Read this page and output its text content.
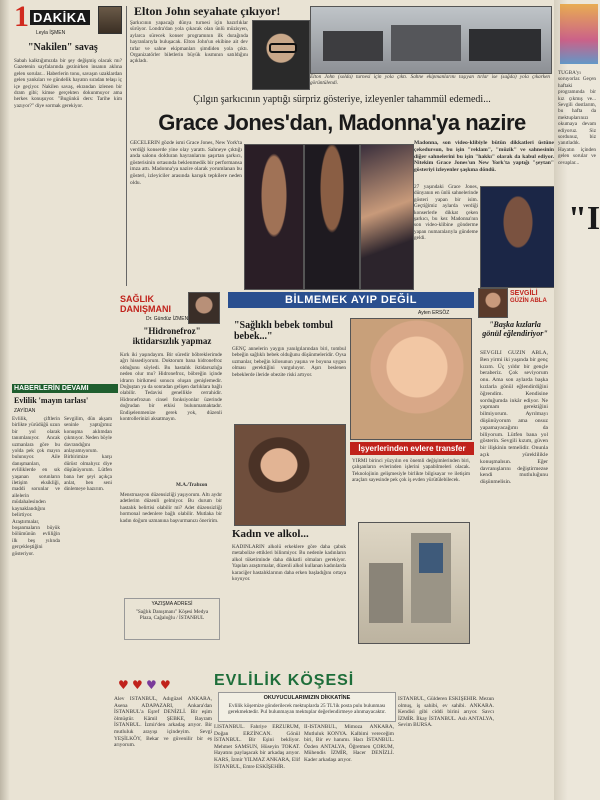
1 DAKİKA
Leyla İŞMEN
"Nakilen" savaş
Sabah kalktığımızda bir şey değişmiş olacak mı? Gazetenin sayfalarında gezinirken insanın aklına gelen sorular... Haberlerin tonu, savaşın uzaklardan gelen yankıları ve gündelik hayatın sıradan telaşı iç içe geçiyor. Nakilen savaş, ekrandan izlenen bir dram gibi; kimse gerçekten dokunmuyor ama herkes konuşuyor. "Bugünkü ders: Tarihe kim yazıyor?" diye sormak gerekiyor.
Elton John seyahate çıkıyor!
Şarkıcının yapacağı dünya turnesi için hazırlıklar sürüyor. Londra'dan yola çıkacak olan ünlü müzisyen, aylarca sürecek konser programının ilk durağında hayranlarıyla buluşacak. Elton John'un ekibine ait dev tırlar ve sahne ekipmanları şimdiden yola çıktı. Organizatörler biletlerin büyük kısmının satıldığını açıkladı.
Elton John (solda) turnesi için yola çıktı. Sahne ekipmanlarını taşıyan tırlar ise (sağda) yola çıkarken görüntülendi.
Çılgın şarkıcının yaptığı sürpriz gösteriye, izleyenler tahammül edemedi...
Grace Jones'dan, Madonna'ya nazire
GECELERİN gözde ismi Grace Jones, New York'ta verdiği konserde yine olay yarattı. Sahneye çıktığı anda salonu dolduran hayranlarını şaşırtan şarkıcı, gösterisinin ortasında beklenmedik bir performansa imza attı. Madonna'ya nazire olarak yorumlanan bu gösteri, izleyiciler arasında karışık tepkilere neden oldu.
Madonna, son video-klibiyle bütün dikkatleri üstüne çekedursun, bu işin "reklam", "müzik" ve sahnesinin diğer sahnelerini bu işin "hakkı" olarak da kabul ediyor. Nitekim Grace Jones'un New York'ta yaptığı "şeytan" gösteriyi izleyenler şaşkına döndü.
27 yaşındaki Grace Jones, dünyanın en ünlü sahnelerinde gösteri yapan bir isim. Geçtiğimiz aylarda verdiği konserlerle dikkat çeken şarkıcı, bu kez Madonna'nın son video-klibine gönderme yapan numaralarıyla gündeme geldi.
SAĞLIK
DANIŞMANI
Dr. Gündüz İZMEN
"Hidronefroz" iktidarsızlık yapmaz
Kırk iki yaşındayım. Bir süredir böbreklerimde ağrı hissediyorum. Doktorum bana hidronefroz olduğunu söyledi. Bu hastalık iktidarsızlığa neden olur mu? Hidronefroz, böbreğin içinde idrarın birikmesi sonucu oluşan genişlemedir. Doğuştan ya da sonradan gelişen darlıklara bağlı olabilir. Tedavisi genellikle cerrahidir. Hidronefrozun cinsel fonksiyonlar üzerinde doğrudan bir etkisi bulunmamaktadır. Endişelenmenize gerek yok, düzenli kontrollerinizi aksatmayın.
M.A./Trabzon
Menstruasyon düzensizliği yaşıyorum. Altı aydır adetlerim düzenli gelmiyor. Bu durum bir hastalık belirtisi olabilir mi? Adet düzensizliği hormonal nedenlere bağlı olabilir. Mutlaka bir kadın doğum uzmanına başvurmanızı öneririm.
YAZIŞMA ADRESİ
"Sağlık Danışmanı" Köşesi Medya Plaza, Cağaloğlu / İSTANBUL
HABERLERİN DEVAMI
Evlilik 'mayın tarlası'
ZAYİDAN
Evlilik, çiftlerin birlikte yürüdüğü uzun bir yol olarak tanımlanıyor. Ancak uzmanlara göre bu yolda pek çok mayın bulunuyor. Aile danışmanları, evliliklerde en sık yaşanan sorunların iletişim eksikliği, maddi sorunlar ve ailelerin müdahalesinden kaynaklandığını belirtiyor. Araştırmalar, boşanmaların büyük bölümünün evliliğin ilk beş yılında gerçekleştiğini gösteriyor.
Sevgilim, dün akşam seninle yaptığımız konuşma aklımdan çıkmıyor. Neden böyle davrandığını anlayamıyorum. Birbirimize karşı dürüst olmalıyız diye düşünüyorum. Lütfen bana her şeyi açıkça anlat, ben seni dinlemeye hazırım.
BİLMEMEK AYIP DEĞİL
Ayten ERSÖZ
"Sağlıklı bebek tombul bebek..."
GENÇ annelerin yaygın yanılgılarından biri, tombul bebeğin sağlıklı bebek olduğunu düşünmeleridir. Oysa uzmanlar, bebeğin kilosunun yaşına ve boyuna uygun olması gerektiğini vurguluyor. Aşırı beslenen bebeklerde ileride obezite riski artıyor.
Kadın ve alkol...
KADINLARIN alkolü erkeklere göre daha çabuk metabolize ettikleri bilinmiyor. Bu nedenle kadınların alkol tüketiminde daha dikkatli olmaları gerekiyor. Yapılan araştırmalar, düzenli alkol kullanan kadınlarda karaciğer hastalıklarının daha erken başladığını ortaya koyuyor.
İşyerlerinden evlere transfer
YIRMI birinci yüzyılın en önemli değişimlerinden biri, çalışanların evlerinden işlerini yapabilmeleri olacak. Teknolojinin gelişmesiyle birlikte bilgisayar ve iletişim araçları sayesinde pek çok iş evden yürütülebilecek.
SEVGİLİ
GÜZİN ABLA
"Başka kızlarla gönül eğlendiriyor"
SEVGİLİ GÜZİN ABLA, Ben yirmi iki yaşında bir genç kızım. Üç yıldır bir gençle beraberiz. Çok seviyorum onu. Ama son aylarda başka kızlarla gönül eğlendirdiğini öğrendim. Kendisine sorduğumda inkâr ediyor. Ne yapmam gerektiğini bilmiyorum. Ayrılmayı düşünüyorum ama onsuz yapamayacağımı da biliyorum. Lütfen bana yol gösterin. Sevgili kızım, güven bir ilişkinin temelidir. Onunla açık yüreklilikle konuşmalısın. Eğer davranışlarını değiştirmezse kendi mutluluğunu düşünmelisin.
♥ ♥ ♥ ♥	EVLİLİK KÖŞESİ
OKUYUCULARIMIZIN DİKKATİNE
Evlilik köşemize gönderilecek mektuplarda 25 TL'lik posta pulu bulunması gerekmektedir. Pul bulunmayan mektuplar değerlendirmeye alınmayacaktır.
Alev İSTANBUL, Adıgüzel ANKARA, Asena ADAPAZARI, Ankara'dan İSTANBUL'a Eşref DENİZLİ. Bir eşim ölmüştür. Kâmil ŞEBKE, Bayram İSTANBUL. İzmir'den arkadaş arıyor. Bir mutluluk arayışı içindeyim. Sevgi YEŞİLKÖY, Bekar ve güvenilir bir eş arıyorum.
İ.İSTANBUL. Fahriye ERZURUM, Doğan ERZİNCAN. Gönül İSTANBUL. Bir Eşini bekliyor. Mehmet SAMSUN, Hüseyin TOKAT. Hayatını paylaşacak bir arkadaş arıyor. KARS, İzmir YILMAZ ANKARA, Elif İSTANBUL, Emre ESKİŞEHİR.
İİ-İSTANBUL, Mimoza ANKARA, Mutluluk KONYA. Kalbimi vereceğim biri, Bir ev hanımı. Hacı İSTANBUL. Özden ANTALYA, Öğretmen ÇORUM, Mühendis İZMİR, Hacer DENİZLİ. Kader arkadaşı arıyor.
İSTANBUL, Gülderen ESKİŞEHİR. Mezun olmuş, iş sahibi, ev sahibi. ANKARA. Kendisi gibi ciddi birini arıyor. Savcı İZMİR. İlkay İSTANBUL. Aslı ANTALYA, Sevim BURSA.
"I
TUGBA'yı soruyorlar. Geçen haftaki programında bir kız çıkmış ve... Sevgili dostlarım, bu hafta da mektuplarınızı okumaya devam ediyoruz. Siz sordunuz, biz yanıtladık. Hayatın içinden gelen sorular ve cevaplar...
